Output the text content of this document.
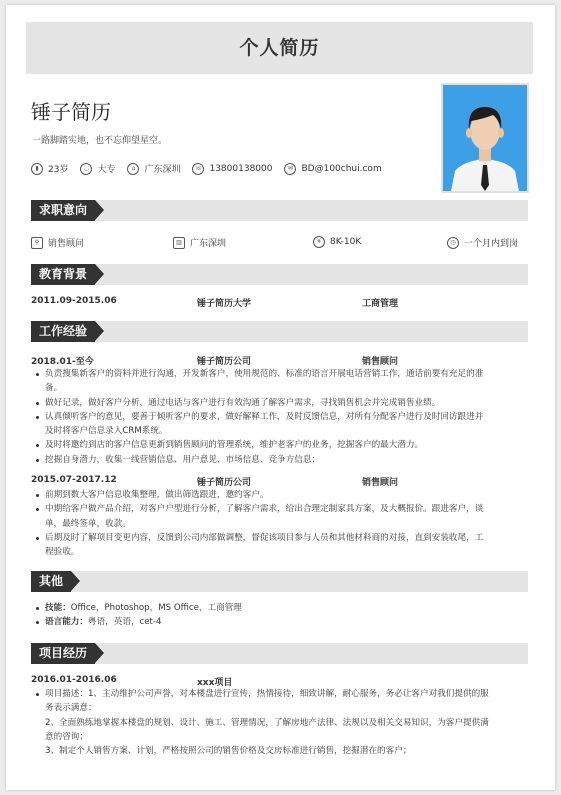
个人简历
锤子简历
一路脚踏实地，也不忘仰望星空。
▮	23岁	◡ 大专	⌂	广东深圳	☏ 13800138000	✉ BD@100chui.com
求职意向
⚲ 销售顾问	▥ 广东深圳	¥	8K-10K	◷ 一个月内到岗
教育背景
2011.09-2015.06	锤子简历大学	工商管理
工作经验
2018.01-至今	锤子简历公司	销售顾问
负责搜集新客户的资料并进行沟通，开发新客户，使用规范的、标准的语言开展电话营销工作，通话前要有充足的准
备。
做好记录，做好客户分析，通过电话与客户进行有效沟通了解客户需求，寻找销售机会并完成销售业绩。
认真倾听客户的意见，要善于倾听客户的要求，做好解释工作，及时反馈信息，对所有分配客户进行及时回访跟进并
及时将客户信息录入CRM系统。
及时将邀约到店的客户信息更新到销售顾问的管理系统，维护老客户的业务，挖掘客户的最大潜力。
挖掘自身潜力，收集一线营销信息、用户意见、市场信息、竞争方信息；
2015.07-2017.12	锤子简历公司	销售顾问
前期到数大客户信息收集整理，做出筛选跟进，邀约客户。
中期给客户做产品介绍，对客户户型进行分析，了解客户需求，给出合理定制家具方案，及大概报价。跟进客户，谈
单，最终签单，收款。
后期及时了解项目变更内容，反馈到公司内部做调整，督促该项目参与人员和其他材料商的对接，直到安装收尾，工
程验收。
其他
技能：Office，Photoshop，MS Office，工商管理
语言能力：粤语，英语，cet-4
项目经历
2016.01-2016.06	xxx项目
项目描述：1、主动维护公司声誉，对本楼盘进行宣传，热情接待，细致讲解，耐心服务，务必让客户对我们提供的服
务表示满意；
2、全面熟练地掌握本楼盘的规划、设计、施工、管理情况，了解房地产法律、法规以及相关交易知识，为客户提供满
意的咨询；
3、制定个人销售方案、计划，严格按照公司的销售价格及交房标准进行销售，挖掘潜在的客户；
